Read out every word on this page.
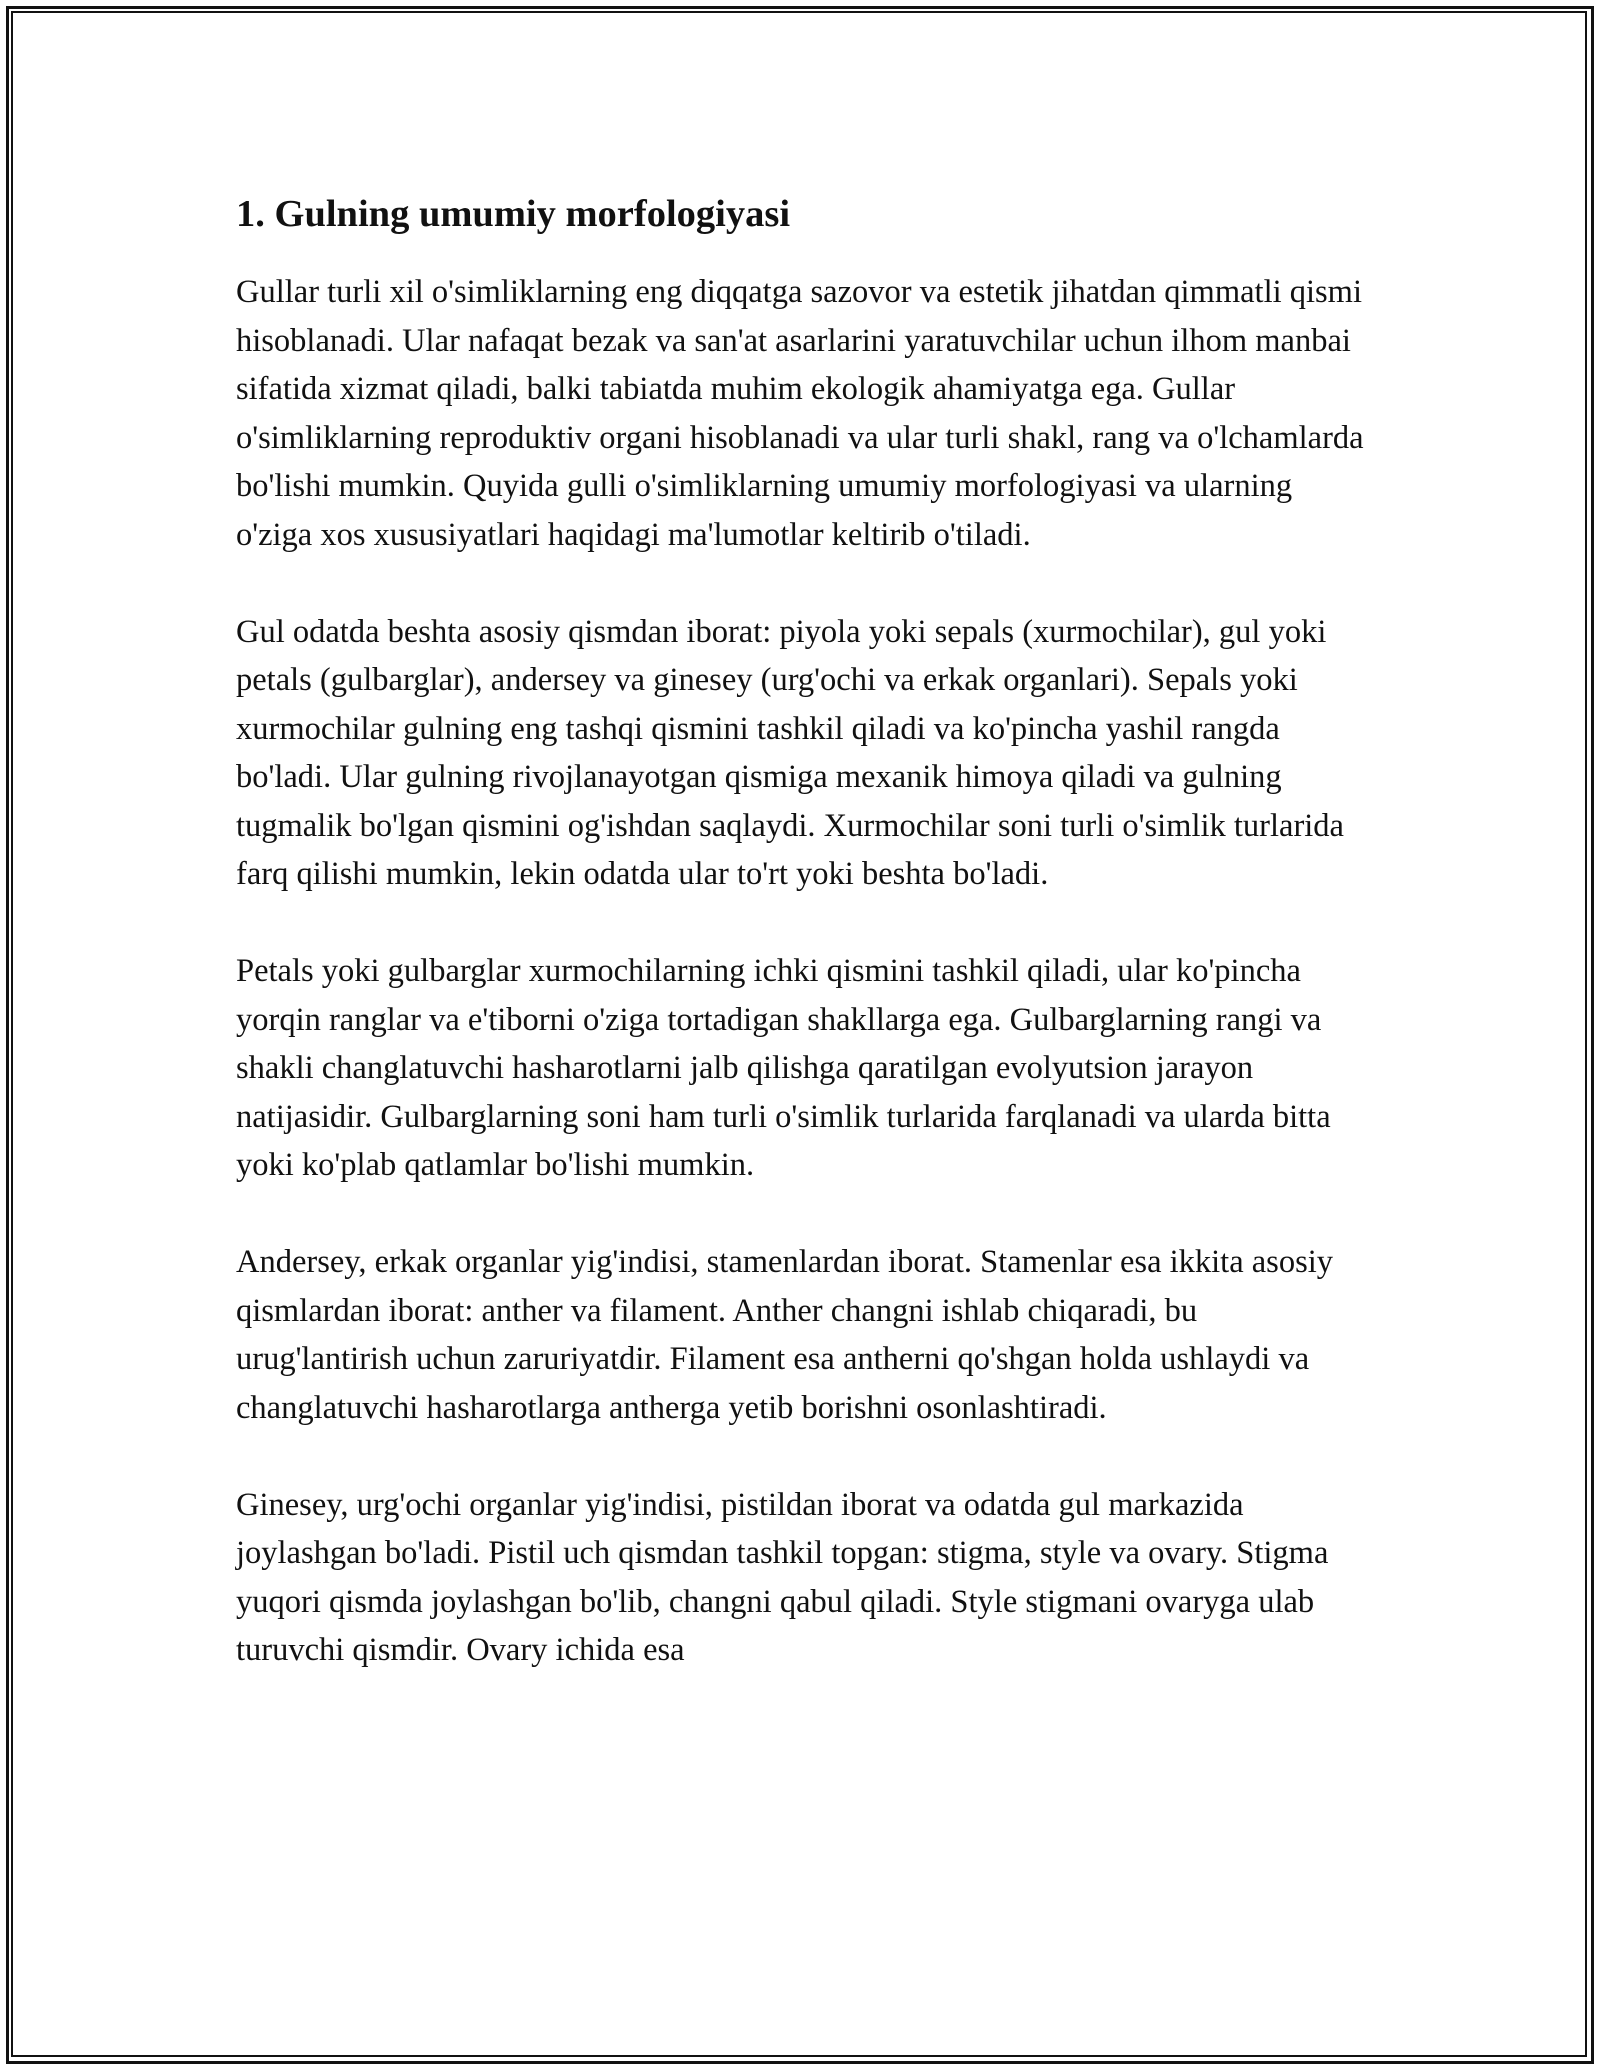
1. Gulning umumiy morfologiyasi

Gullar turli xil o'simliklarning eng diqqatga sazovor va estetik jihatdan qimmatli qismi hisoblanadi. Ular nafaqat bezak va san'at asarlarini yaratuvchilar uchun ilhom manbai sifatida xizmat qiladi, balki tabiatda muhim ekologik ahamiyatga ega. Gullar o'simliklarning reproduktiv organi hisoblanadi va ular turli shakl, rang va o'lchamlarda bo'lishi mumkin. Quyida gulli o'simliklarning umumiy morfologiyasi va ularning o'ziga xos xususiyatlari haqidagi ma'lumotlar keltirib o'tiladi.

Gul odatda beshta asosiy qismdan iborat: piyola yoki sepals (xurmochilar), gul yoki petals (gulbarglar), andersey va ginesey (urg'ochi va erkak organlari). Sepals yoki xurmochilar gulning eng tashqi qismini tashkil qiladi va ko'pincha yashil rangda bo'ladi. Ular gulning rivojlanayotgan qismiga mexanik himoya qiladi va gulning tugmalik bo'lgan qismini og'ishdan saqlaydi. Xurmochilar soni turli o'simlik turlarida farq qilishi mumkin, lekin odatda ular to'rt yoki beshta bo'ladi.

Petals yoki gulbarglar xurmochilarning ichki qismini tashkil qiladi, ular ko'pincha yorqin ranglar va e'tiborni o'ziga tortadigan shakllarga ega. Gulbarglarning rangi va shakli changlatuvchi hasharotlarni jalb qilishga qaratilgan evolyutsion jarayon natijasidir. Gulbarglarning soni ham turli o'simlik turlarida farqlanadi va ularda bitta yoki ko'plab qatlamlar bo'lishi mumkin.

Andersey, erkak organlar yig'indisi, stamenlardan iborat. Stamenlar esa ikkita asosiy qismlardan iborat: anther va filament. Anther changni ishlab chiqaradi, bu urug'lantirish uchun zaruriyatdir. Filament esa antherni qo'shgan holda ushlaydi va changlatuvchi hasharotlarga antherga yetib borishni osonlashtiradi.

Ginesey, urg'ochi organlar yig'indisi, pistildan iborat va odatda gul markazida joylashgan bo'ladi. Pistil uch qismdan tashkil topgan: stigma, style va ovary. Stigma yuqori qismda joylashgan bo'lib, changni qabul qiladi. Style stigmani ovaryga ulab turuvchi qismdir. Ovary ichida esa
